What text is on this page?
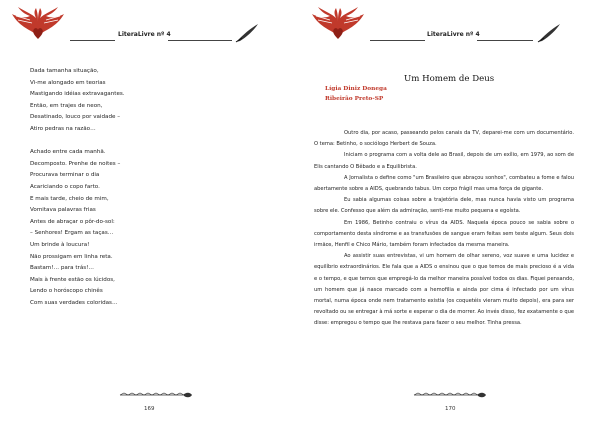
LiteraLivre nº 4
Dada tamanha situação,
Vi-me alongado em teorias
Mastigando idéias extravagantes.
Então, em trajes de neon,
Desatinado, louco por vaidade –
Atiro pedras na razão…
Achado entre cada manhã.
Decomposto. Prenhe de noites –
Procurava terminar o dia
Acariciando o copo farto.
E mais tarde, cheio de mim,
Vomitava palavras frias
Antes de abraçar o pôr-do-sol:
– Senhores! Ergam as taças…
Um brinde à loucura!
Não prossigam em linha reta.
Bastam!… para trás!…
Mais à frente estão os lúcidos,
Lendo o horóscopo chinês
Com suas verdades coloridas…
169
LiteraLivre nº 4
170
Um Homem de Deus
Lígia Diniz Donega
Ribeirão Preto-SP

Outro dia, por acaso, passeando pelos canais da TV, deparei-me com um documentário. O tema: Betinho, o sociólogo Herbert de Souza.

Iniciam o programa com a volta dele ao Brasil, depois de um exílio, em 1979, ao som de Elis cantando O Bêbado e a Equilibrista.

A Jornalista o define como "um Brasileiro que abraçou sonhos", combateu a fome e falou abertamente sobre a AIDS, quebrando tabus. Um corpo frágil mas uma força de gigante.

Eu sabia algumas coisas sobre a trajetória dele, mas nunca havia visto um programa sobre ele. Confesso que além da admiração, senti-me muito pequena e egoísta.

Em 1986, Betinho contraiu o vírus da AIDS. Naquela época pouco se sabia sobre o comportamento desta síndrome e as transfusões de sangue eram feitas sem teste algum. Seus dois irmãos, Henfil e Chico Mário, também foram infectados da mesma maneira.

Ao assistir suas entrevistas, vi um homem de olhar sereno, voz suave e uma lucidez e equilíbrio extraordinários. Ele fala que a AIDS o ensinou que o que temos de mais precioso é a vida e o tempo, e que temos que empregá-lo da melhor maneira possível todos os dias. Fiquei pensando, um homem que já nasce marcado com a hemofilia e ainda por cima é infectado por um vírus mortal, numa época onde nem tratamento existia (os coquetéis vieram muito depois), era para ser revoltado ou se entregar à má sorte e esperar o dia de morrer. Ao invés disso, fez exatamente o que disse: empregou o tempo que lhe restava para fazer o seu melhor. Tinha pressa.
